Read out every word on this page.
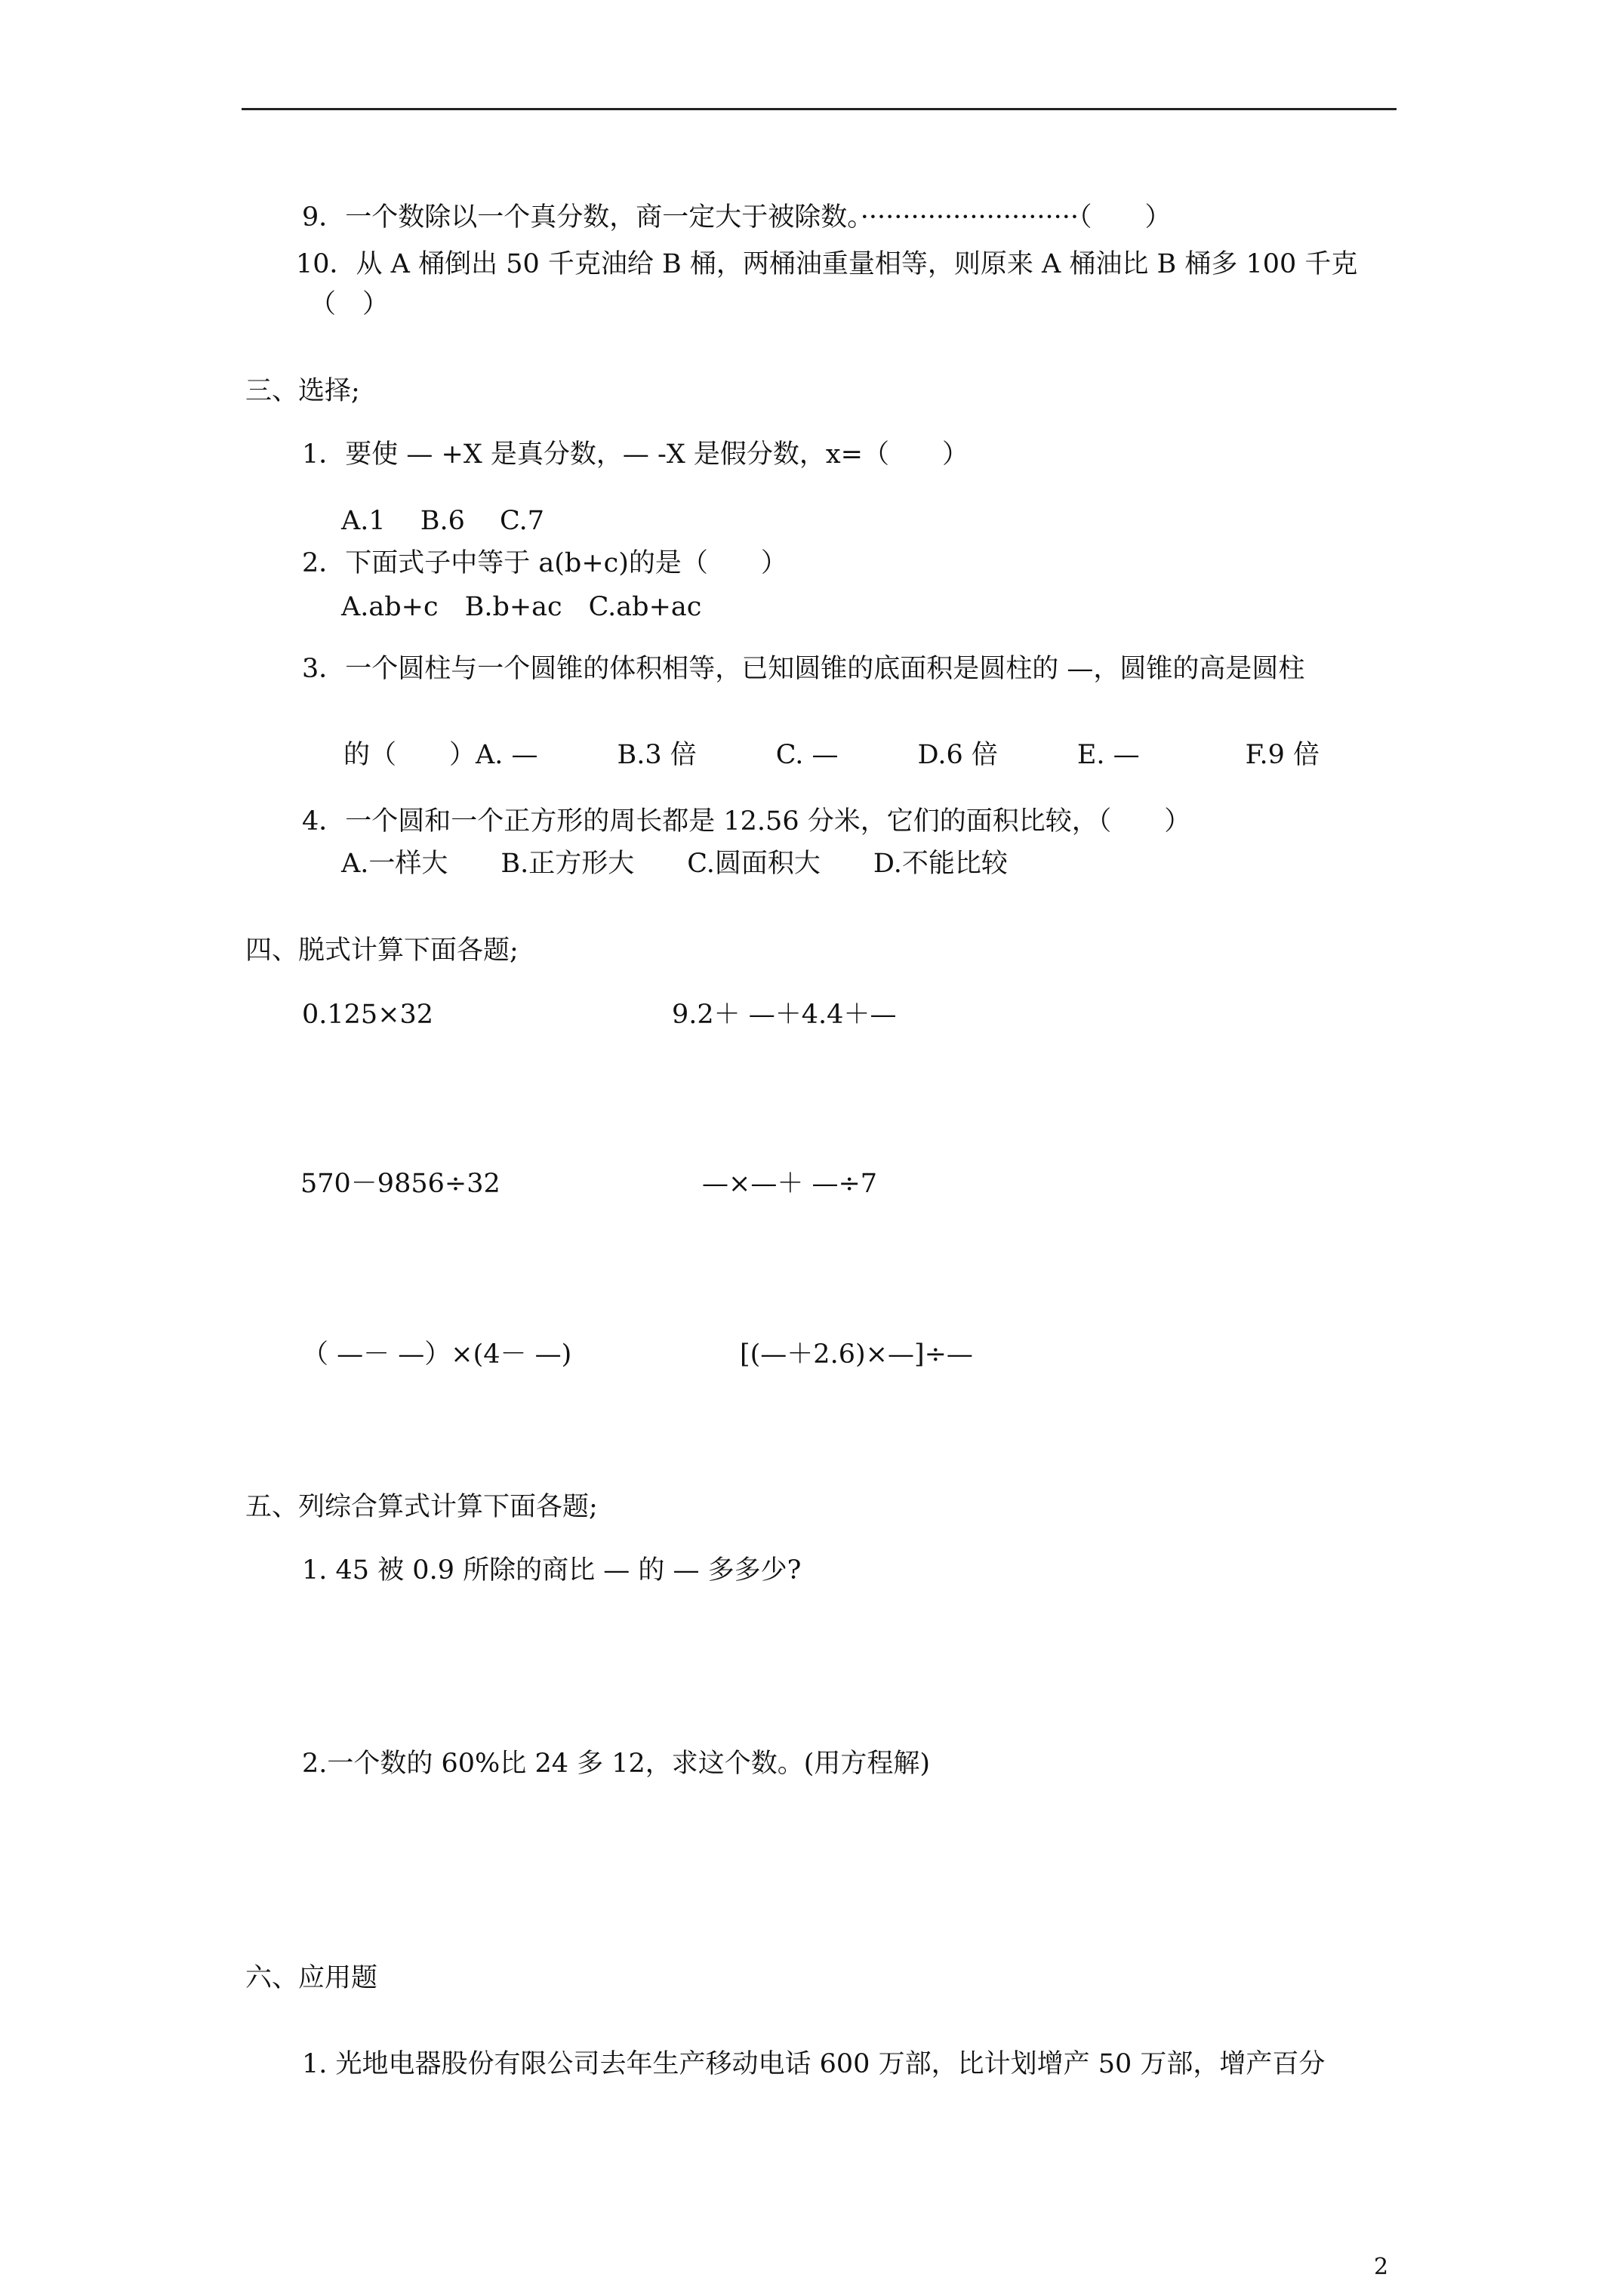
9．一个数除以一个真分数，商一定大于被除数。··························（　　）
10．从 A 桶倒出 50 千克油给 B 桶，两桶油重量相等，则原来 A 桶油比 B 桶多 100 千克
（　）
三、选择;
1．要使 — +X 是真分数，— -X 是假分数，x=（　　）
A.1　 B.6　 C.7
2．下面式子中等于 a(b+c)的是（　　）
A.ab+c　B.b+ac　C.ab+ac
3．一个圆柱与一个圆锥的体积相等，已知圆锥的底面积是圆柱的 —，圆锥的高是圆柱
的（　　）A. —　　　B.3 倍　　　C. —　　　D.6 倍　　　E. —　　　　F.9 倍
4．一个圆和一个正方形的周长都是 12.56 分米，它们的面积比较，（　　）
A.一样大　　B.正方形大　　C.圆面积大　　D.不能比较
四、脱式计算下面各题;
0.125×32	9.2＋ —＋4.4＋—
570－9856÷32	—×—＋ —÷7
（ —－ —）×(4－ —)	[(—＋2.6)×—]÷—
五、列综合算式计算下面各题;
1. 45 被 0.9 所除的商比 — 的 — 多多少?
2.一个数的 60%比 24 多 12，求这个数。(用方程解)
六、应用题
1. 光地电器股份有限公司去年生产移动电话 600 万部，比计划增产 50 万部，增产百分
2
